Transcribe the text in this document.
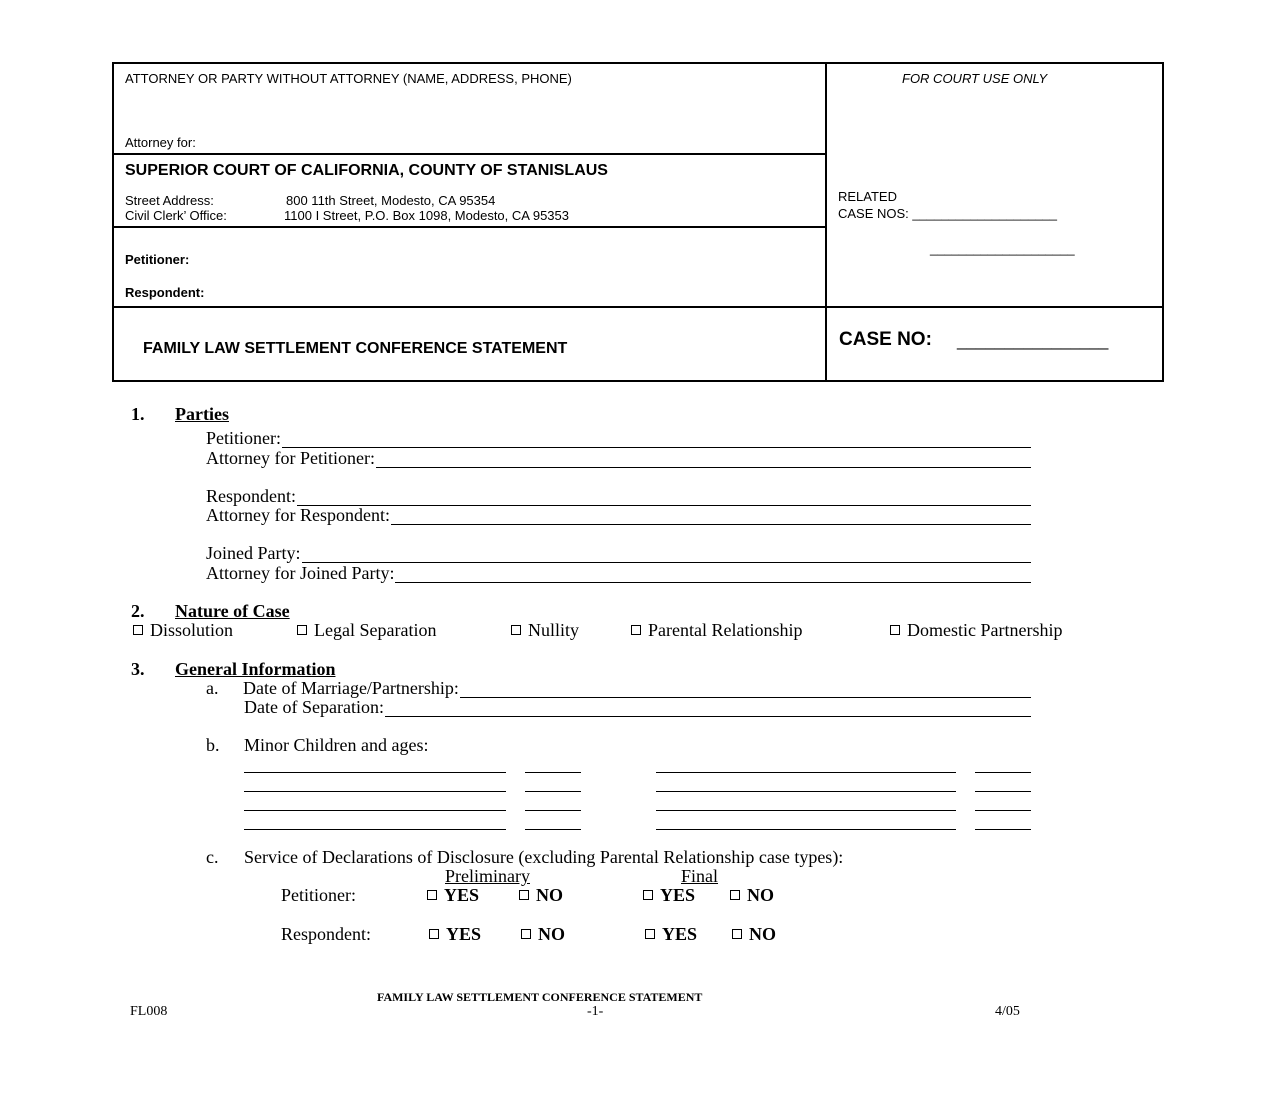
ATTORNEY OR PARTY WITHOUT ATTORNEY (NAME, ADDRESS, PHONE)
Attorney for:
FOR COURT USE ONLY
SUPERIOR COURT OF CALIFORNIA, COUNTY OF STANISLAUS
Street Address:	800 11th Street, Modesto, CA 95354
Civil Clerk’ Office:	1100 I Street, P.O. Box 1098, Modesto, CA 95353
Petitioner:
Respondent:
RELATED
CASE NOS: ____________________
____________________
FAMILY LAW SETTLEMENT CONFERENCE STATEMENT	CASE NO: ________________
1. Parties
Petitioner:
Attorney for Petitioner:
Respondent:
Attorney for Respondent:
Joined Party:
Attorney for Joined Party:
2. Nature of Case
Dissolution	Legal Separation	Nullity	Parental Relationship	Domestic Partnership
3. General Information
a. Date of Marriage/Partnership:
Date of Separation:
b. Minor Children and ages:
c. Service of Declarations of Disclosure (excluding Parental Relationship case types):
Preliminary	Final
Petitioner:	YES	NO	YES	NO
Respondent:	YES	NO	YES	NO
FAMILY LAW SETTLEMENT CONFERENCE STATEMENT
FL008	-1-	4/05
